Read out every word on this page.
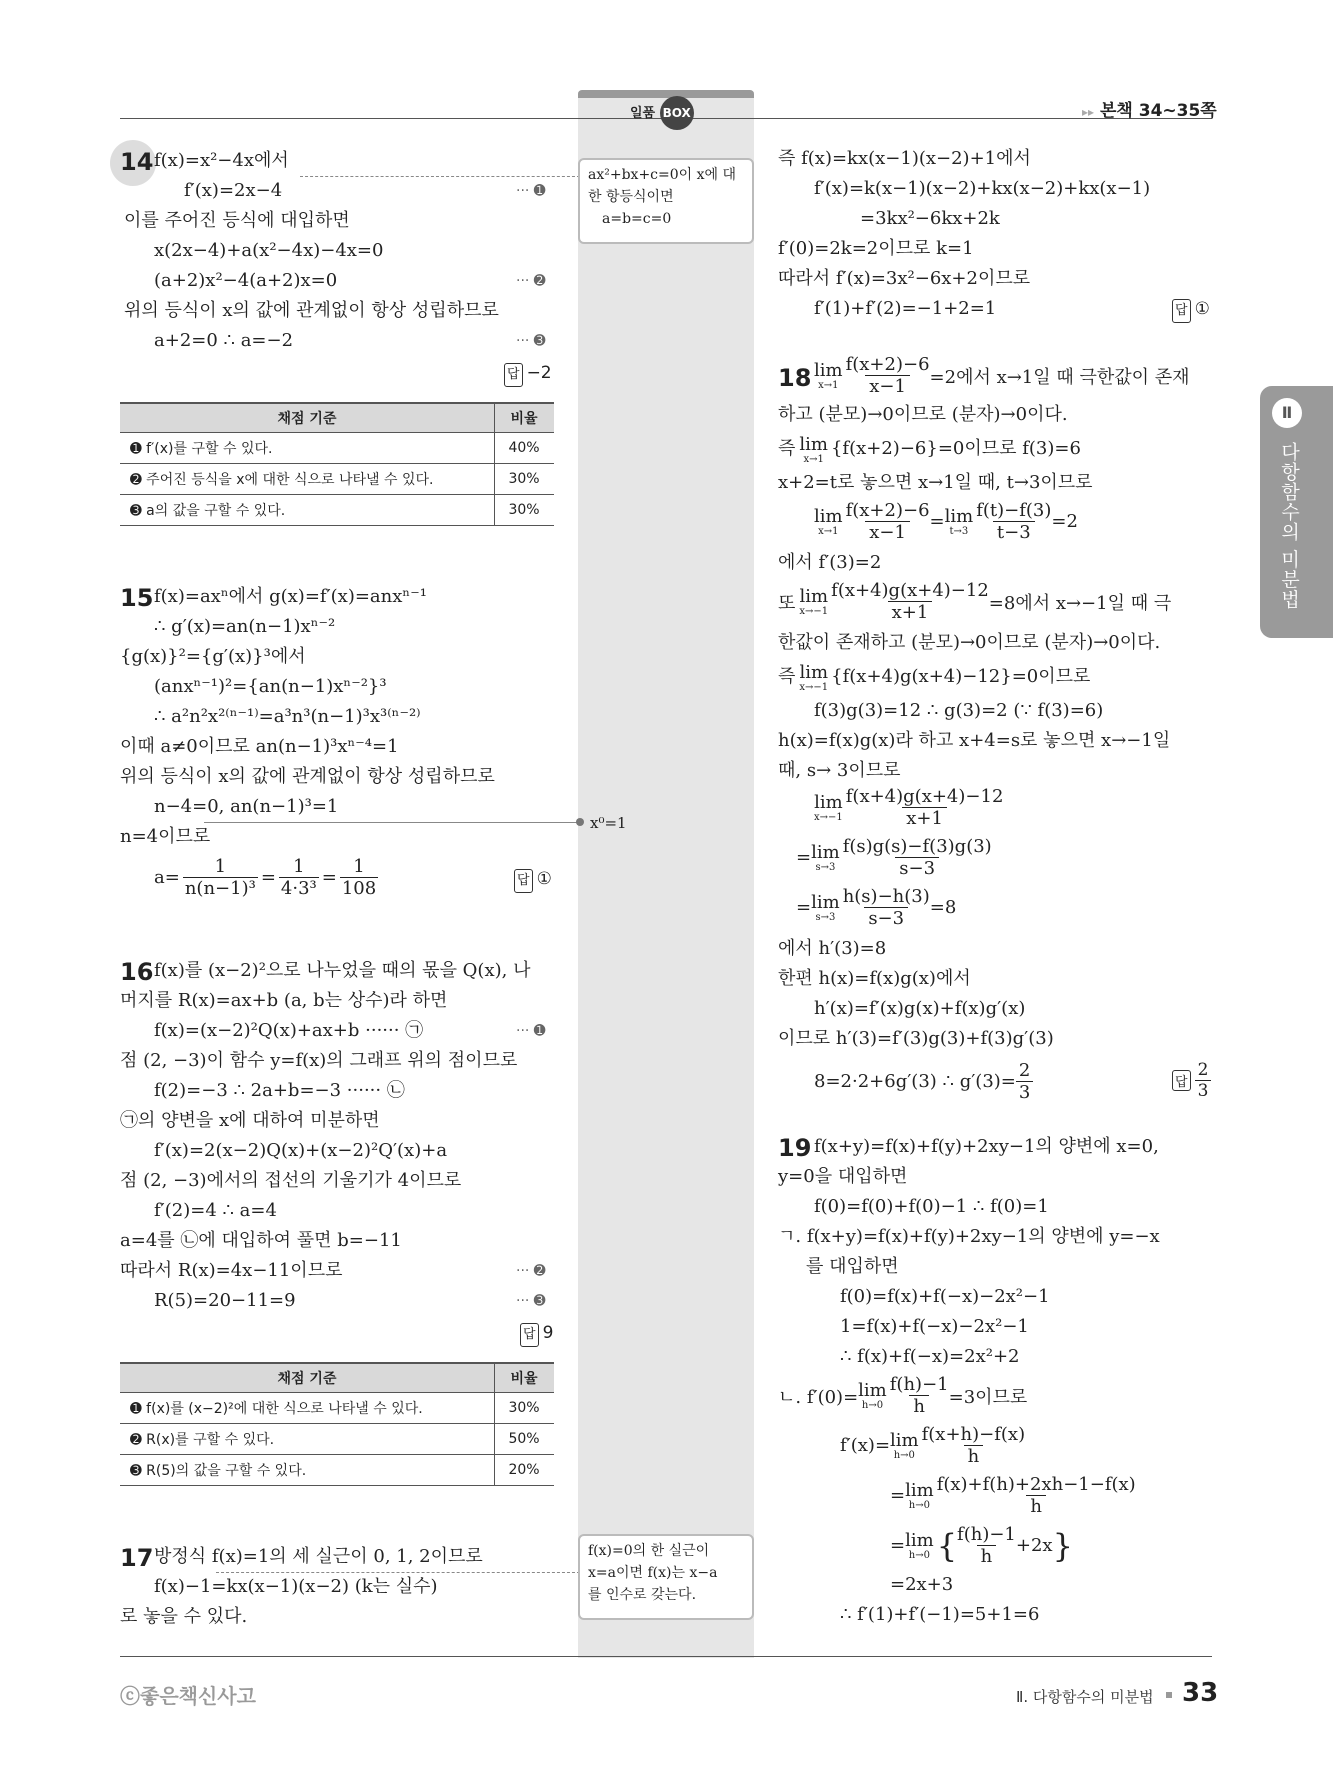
Ⅱ
다항함수의 미분법
일품 BOX	▸▸ 본책 34∼35쪽
14 f(x)=x²−4x에서
f′(x)=2x−4	··· ➊
이를 주어진 등식에 대입하면
x(2x−4)+a(x²−4x)−4x=0
(a+2)x²−4(a+2)x=0	··· ➋
위의 등식이 x의 값에 관계없이 항상 성립하므로
a+2=0 ∴ a=−2	··· ➌
답 −2
채점 기준	비율
➊ f′(x)를 구할 수 있다.	40%
➋ 주어진 등식을 x에 대한 식으로 나타낼 수 있다.	30%
➌ a의 값을 구할 수 있다.	30%
ax²+bx+c=0이 x에 대
한 항등식이면
a=b=c=0
15 f(x)=axⁿ에서 g(x)=f′(x)=anxⁿ⁻¹
∴ g′(x)=an(n−1)xⁿ⁻²
{g(x)}²={g′(x)}³에서
(anxⁿ⁻¹)²={an(n−1)xⁿ⁻²}³
∴ a²n²x²⁽ⁿ⁻¹⁾=a³n³(n−1)³x³⁽ⁿ⁻²⁾
이때 a≠0이므로 an(n−1)³xⁿ⁻⁴=1
위의 등식이 x의 값에 관계없이 항상 성립하므로
n−4=0, an(n−1)³=1
x⁰=1
n=4이므로
$a= \frac{1}{\text{n(n−1)³}} = \frac{1}{\text{4·3³}} = \frac{1}{108}$	답 ①
16 f(x)를 (x−2)²으로 나누었을 때의 몫을 Q(x), 나
머지를 R(x)=ax+b (a, b는 상수)라 하면
f(x)=(x−2)²Q(x)+ax+b ······ ㉠	··· ➊
점 (2, −3)이 함수 y=f(x)의 그래프 위의 점이므로
f(2)=−3 ∴ 2a+b=−3 ······ ㉡
㉠의 양변을 x에 대하여 미분하면
f′(x)=2(x−2)Q(x)+(x−2)²Q′(x)+a
점 (2, −3)에서의 접선의 기울기가 4이므로
f′(2)=4 ∴ a=4
a=4를 ㉡에 대입하여 풀면 b=−11
따라서 R(x)=4x−11이므로	··· ➋
R(5)=20−11=9	··· ➌
답 9
채점 기준	비율
➊ f(x)를 (x−2)²에 대한 식으로 나타낼 수 있다.	30%
➋ R(x)를 구할 수 있다.	50%
➌ R(5)의 값을 구할 수 있다.	20%
17 방정식 f(x)=1의 세 실근이 0, 1, 2이므로
f(x)−1=kx(x−1)(x−2) (k는 실수)
로 놓을 수 있다.
f(x)=0의 한 실근이
x=a이면 f(x)는 x−a
를 인수로 갖는다.
즉 f(x)=kx(x−1)(x−2)+1에서
f′(x)=k(x−1)(x−2)+kx(x−2)+kx(x−1)
=3kx²−6kx+2k
f′(0)=2k=2이므로 k=1
따라서 f′(x)=3x²−6x+2이므로
f′(1)+f′(2)=−1+2=1	답 ①
18 lim
$x\to 1 \frac{f(x+2)-6}{x-1} =2$에서 x→1일 때 극한값이 존재
하고 (분모)→0이므로 (분자)→0이다.
즉 lim
x→1
{f(x+2)−6}=0이므로 f(3)=6
x+2=t로 놓으면 x→1일 때, t→3이므로
lim
$x\to 1 \frac{f(x+2)-6}{x-1} = \lim$
$t\to 3 \frac{f(t)-f(3)}{t-3} =2$
에서 f′(3)=2
또 lim
$x\to-1 \frac{f(x+4)g(x+4)-12}{x+1} =8$에서 x→−1일 때 극
한값이 존재하고 (분모)→0이므로 (분자)→0이다.
즉 lim
x→−1
{f(x+4)g(x+4)−12}=0이므로
f(3)g(3)=12 ∴ g(3)=2 (∵ f(3)=6)
h(x)=f(x)g(x)라 하고 x+4=s로 놓으면 x→−1일
때, s→ 3이므로
lim
$x\to-1 \frac{f(x+4)g(x+4)-12}{x+1}$
= lim
$s\to 3 \frac{f(s)g(s)-f(3)g(3)}{s-3}$
= lim
$s\to 3 \frac{h(s)-h(3)}{s-3} =8$
에서 h′(3)=8
한편 h(x)=f(x)g(x)에서
h′(x)=f′(x)g(x)+f(x)g′(x)
이므로 h′(3)=f′(3)g(3)+f(3)g′(3)
8=2·2+6g′(3) ∴ $g'(3)= \frac{2}{3}$	답 $\frac{2}{3}$
19 f(x+y)=f(x)+f(y)+2xy−1의 양변에 x=0,
y=0을 대입하면
f(0)=f(0)+f(0)−1 ∴ f(0)=1
ㄱ. f(x+y)=f(x)+f(y)+2xy−1의 양변에 y=−x
를 대입하면
f(0)=f(x)+f(−x)−2x²−1
1=f(x)+f(−x)−2x²−1
∴ f(x)+f(−x)=2x²+2
ㄴ. f′(0)= lim
$h\to 0 \frac{f(h)-1}{h} =3$이므로
f′(x)= lim
$h\to 0 \frac{f(x+h)-f(x)}{h}$
= lim
$h\to 0 \frac{f(x)+f(h)+2xh-1-f(x)}{h}$
= lim
h→0 { $\frac{f(h)-1}{h} +2x$ }
=2x+3
∴ f′(1)+f′(−1)=5+1=6
ⓒ좋은책신사고	Ⅱ. 다항함수의 미분법 33
